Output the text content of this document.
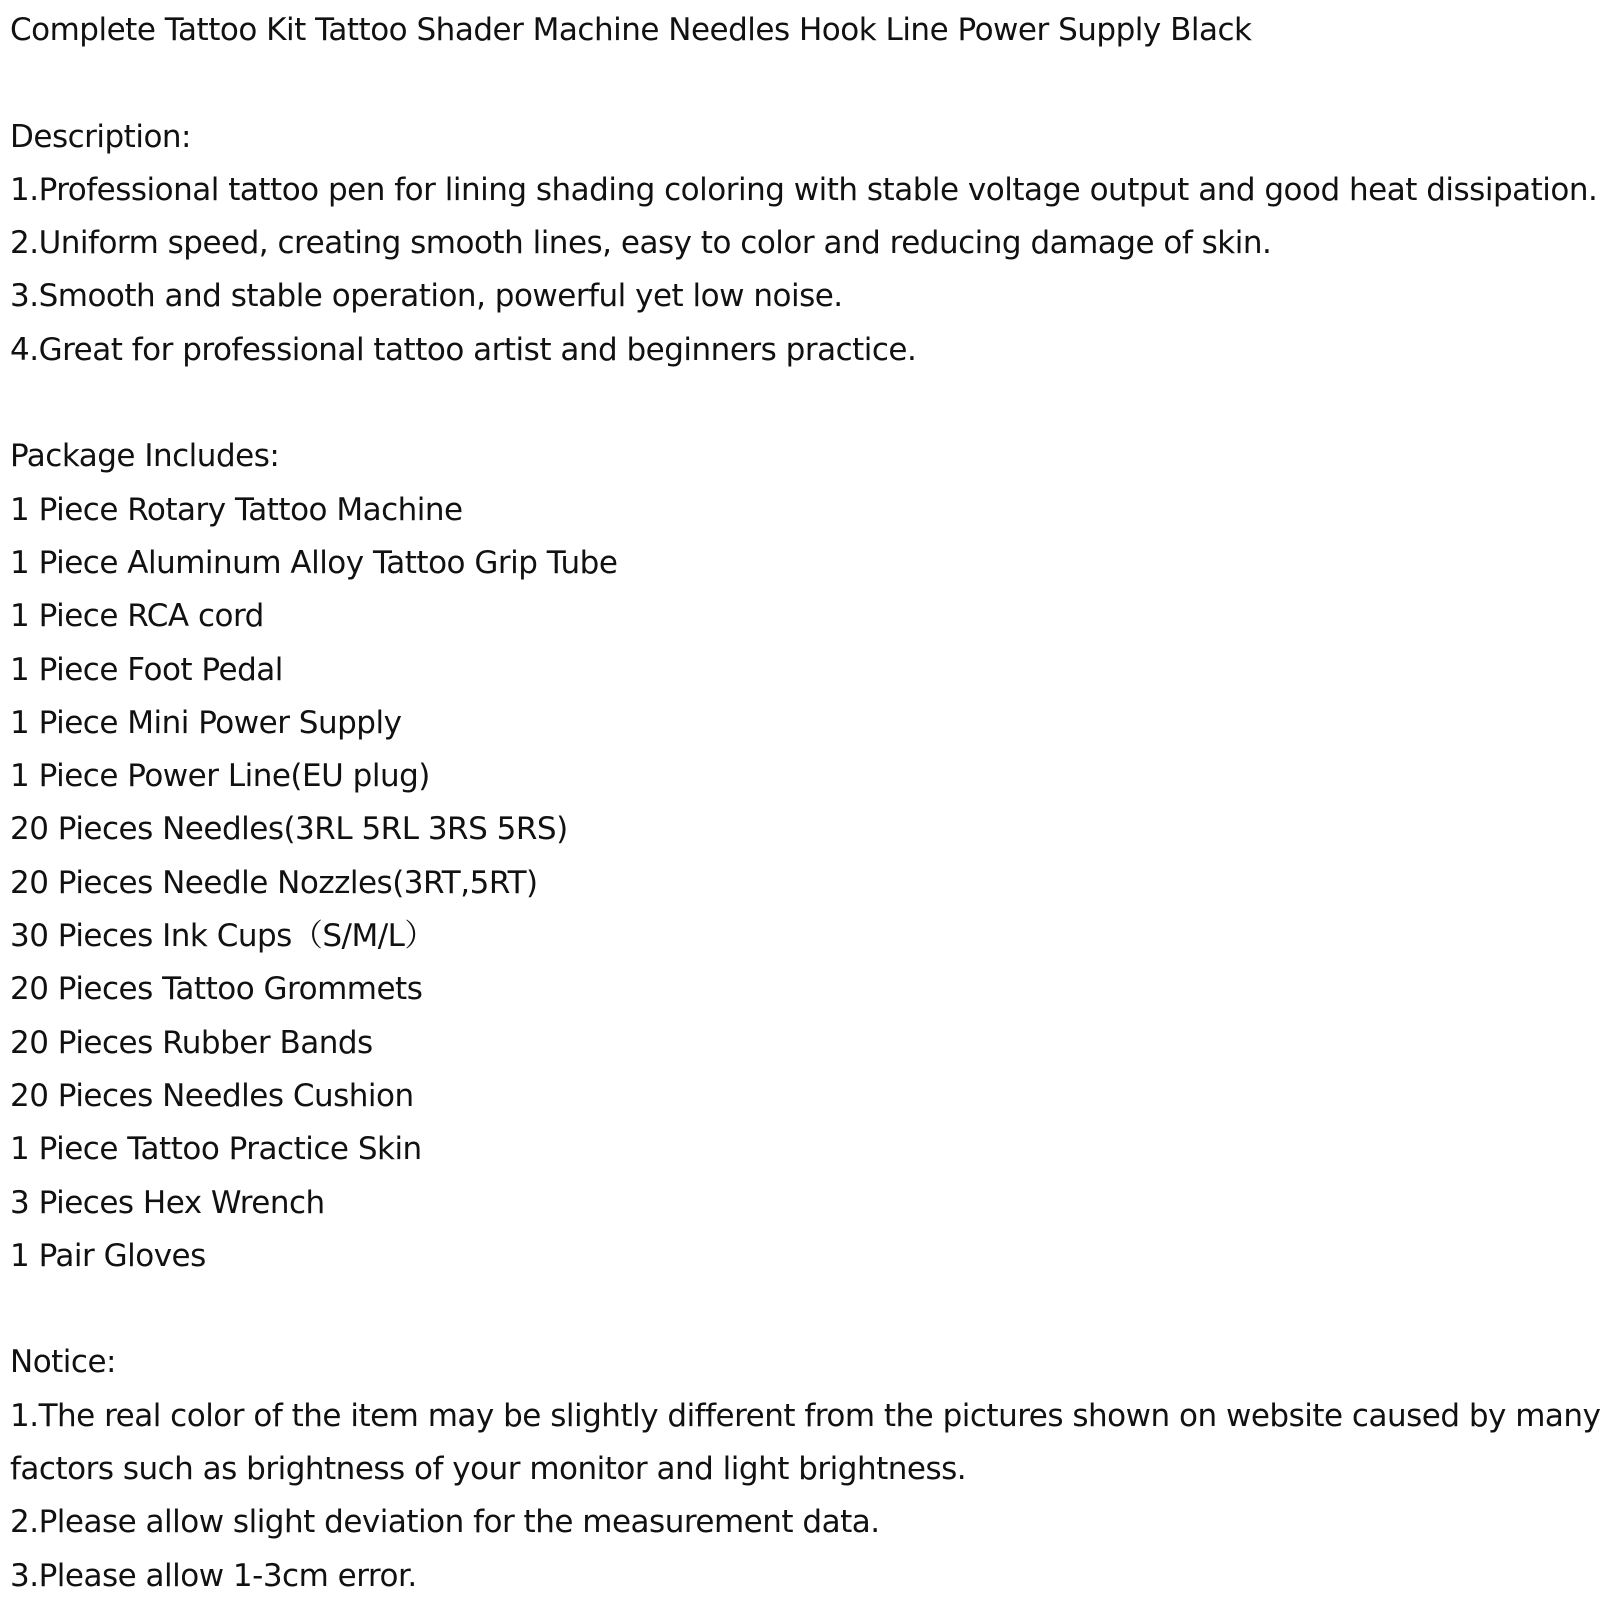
Complete Tattoo Kit Tattoo Shader Machine Needles Hook Line Power Supply Black

Description:

1.Professional tattoo pen for lining shading coloring with stable voltage output and good heat dissipation.

2.Uniform speed, creating smooth lines, easy to color and reducing damage of skin.

3.Smooth and stable operation, powerful yet low noise.

4.Great for professional tattoo artist and beginners practice.

Package Includes:

1 Piece Rotary Tattoo Machine

1 Piece Aluminum Alloy Tattoo Grip Tube

1 Piece RCA cord

1 Piece Foot Pedal

1 Piece Mini Power Supply

1 Piece Power Line(EU plug)

20 Pieces Needles(3RL 5RL 3RS 5RS)

20 Pieces Needle Nozzles(3RT,5RT)

30 Pieces Ink Cups（S/M/L）

20 Pieces Tattoo Grommets

20 Pieces Rubber Bands

20 Pieces Needles Cushion

1 Piece Tattoo Practice Skin

3 Pieces Hex Wrench

1 Pair Gloves

Notice:

1.The real color of the item may be slightly different from the pictures shown on website caused by many

factors such as brightness of your monitor and light brightness.

2.Please allow slight deviation for the measurement data.

3.Please allow 1-3cm error.
